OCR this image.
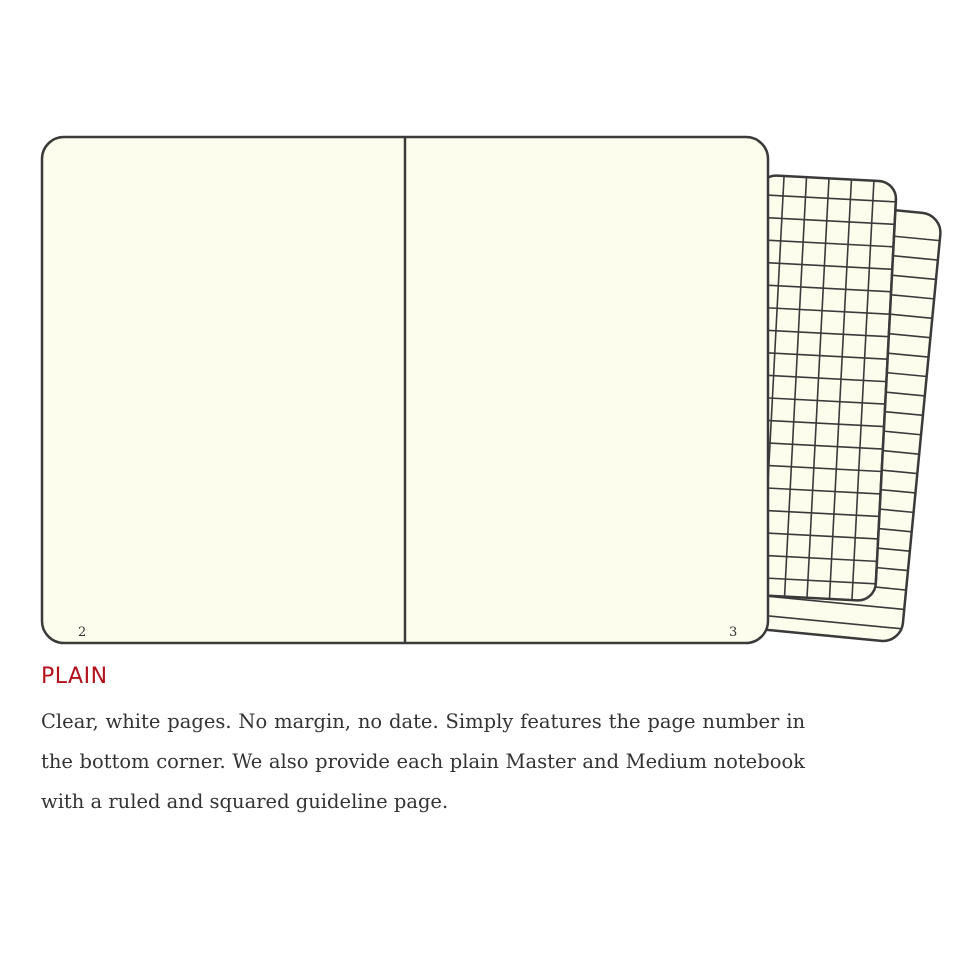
2	3
PLAIN

Clear, white pages. No margin, no date. Simply features the page number in the bottom corner. We also provide each plain Master and Medium notebook with a ruled and squared guideline page.
